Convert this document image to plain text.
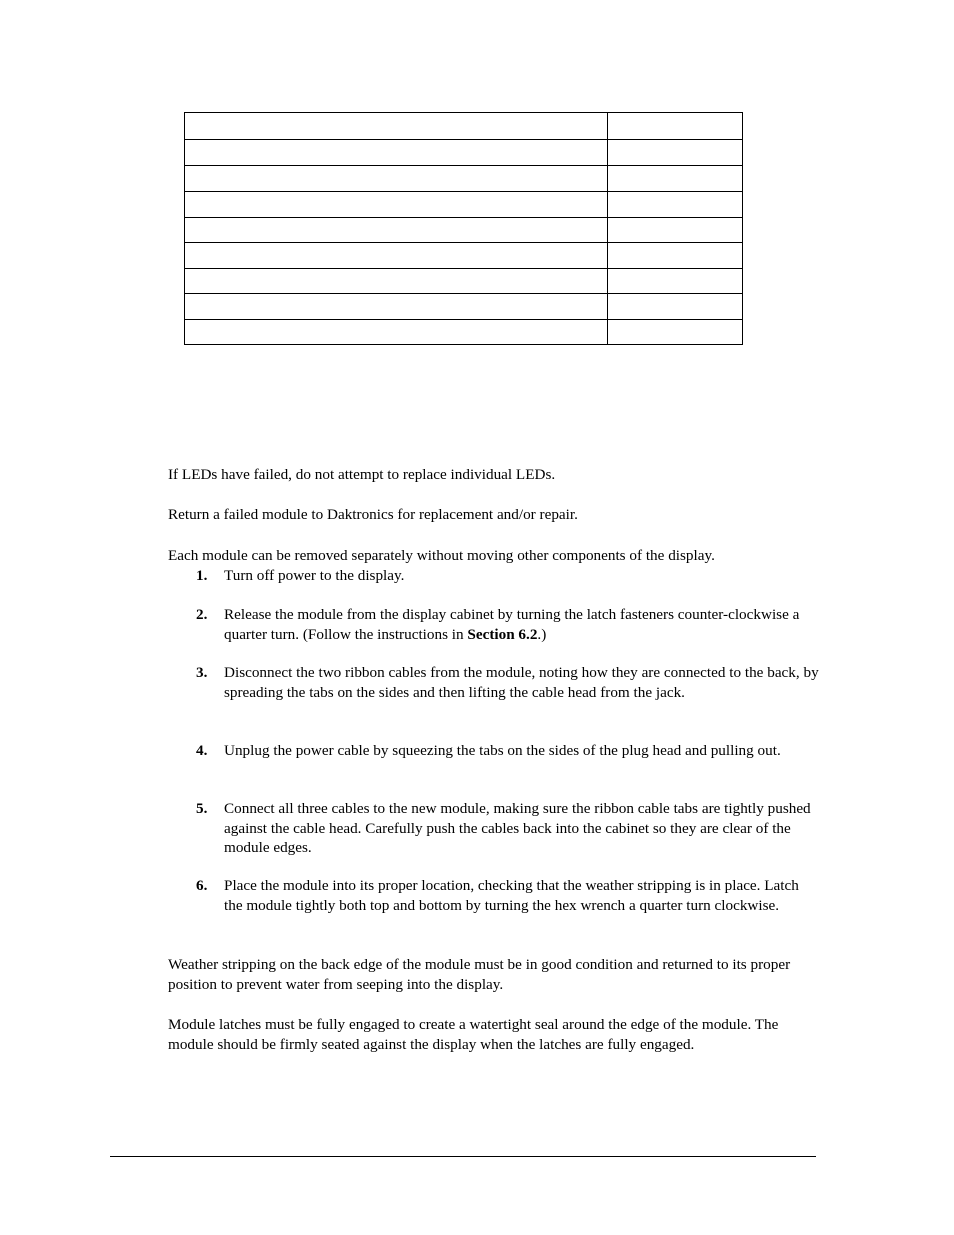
If LEDs have failed, do not attempt to replace individual LEDs.

Return a failed module to Daktronics for replacement and/or repair.

Each module can be removed separately without moving other components of the display.

1. Turn off power to the display.
2. Release the module from the display cabinet by turning the latch fasteners counter-clockwise a quarter turn. (Follow the instructions in Section 6.2.)
3. Disconnect the two ribbon cables from the module, noting how they are connected to the back, by spreading the tabs on the sides and then lifting the cable head from the jack.
4. Unplug the power cable by squeezing the tabs on the sides of the plug head and pulling out.
5. Connect all three cables to the new module, making sure the ribbon cable tabs are tightly pushed against the cable head. Carefully push the cables back into the cabinet so they are clear of the module edges.
6. Place the module into its proper location, checking that the weather stripping is in place. Latch the module tightly both top and bottom by turning the hex wrench a quarter turn clockwise.

Weather stripping on the back edge of the module must be in good condition and returned to its proper position to prevent water from seeping into the display.

Module latches must be fully engaged to create a watertight seal around the edge of the module. The module should be firmly seated against the display when the latches are fully engaged.
